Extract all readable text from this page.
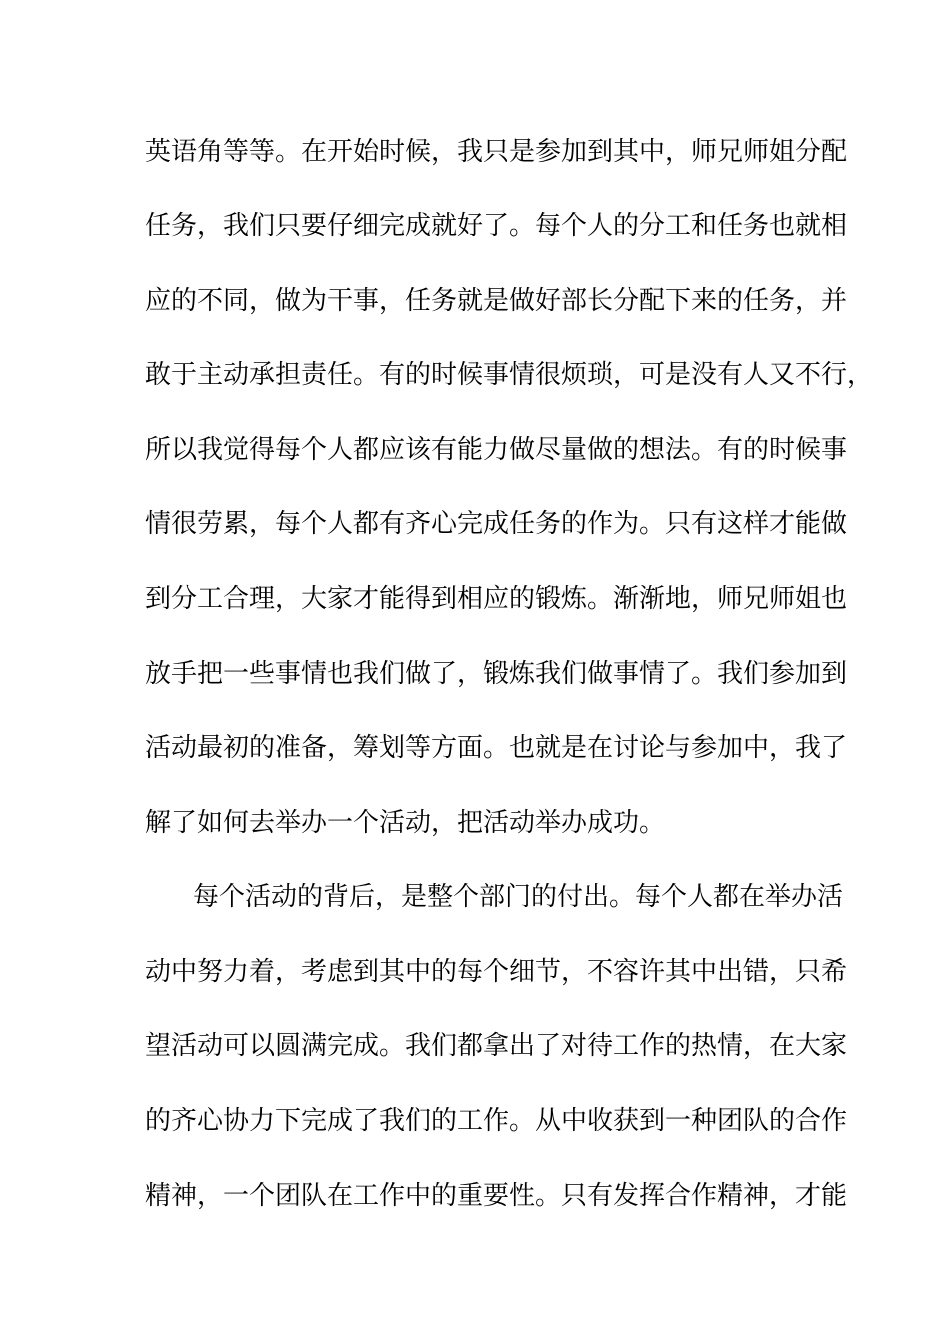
英语角等等。在开始时候，我只是参加到其中，师兄师姐分配
任务，我们只要仔细完成就好了。每个人的分工和任务也就相
应的不同，做为干事，任务就是做好部长分配下来的任务，并
敢于主动承担责任。有的时候事情很烦琐，可是没有人又不行，
所以我觉得每个人都应该有能力做尽量做的想法。有的时候事
情很劳累，每个人都有齐心完成任务的作为。只有这样才能做
到分工合理，大家才能得到相应的锻炼。渐渐地，师兄师姐也
放手把一些事情也我们做了，锻炼我们做事情了。我们参加到
活动最初的准备，筹划等方面。也就是在讨论与参加中，我了
解了如何去举办一个活动，把活动举办成功。
每个活动的背后，是整个部门的付出。每个人都在举办活
动中努力着，考虑到其中的每个细节，不容许其中出错，只希
望活动可以圆满完成。我们都拿出了对待工作的热情，在大家
的齐心协力下完成了我们的工作。从中收获到一种团队的合作
精神，一个团队在工作中的重要性。只有发挥合作精神，才能
